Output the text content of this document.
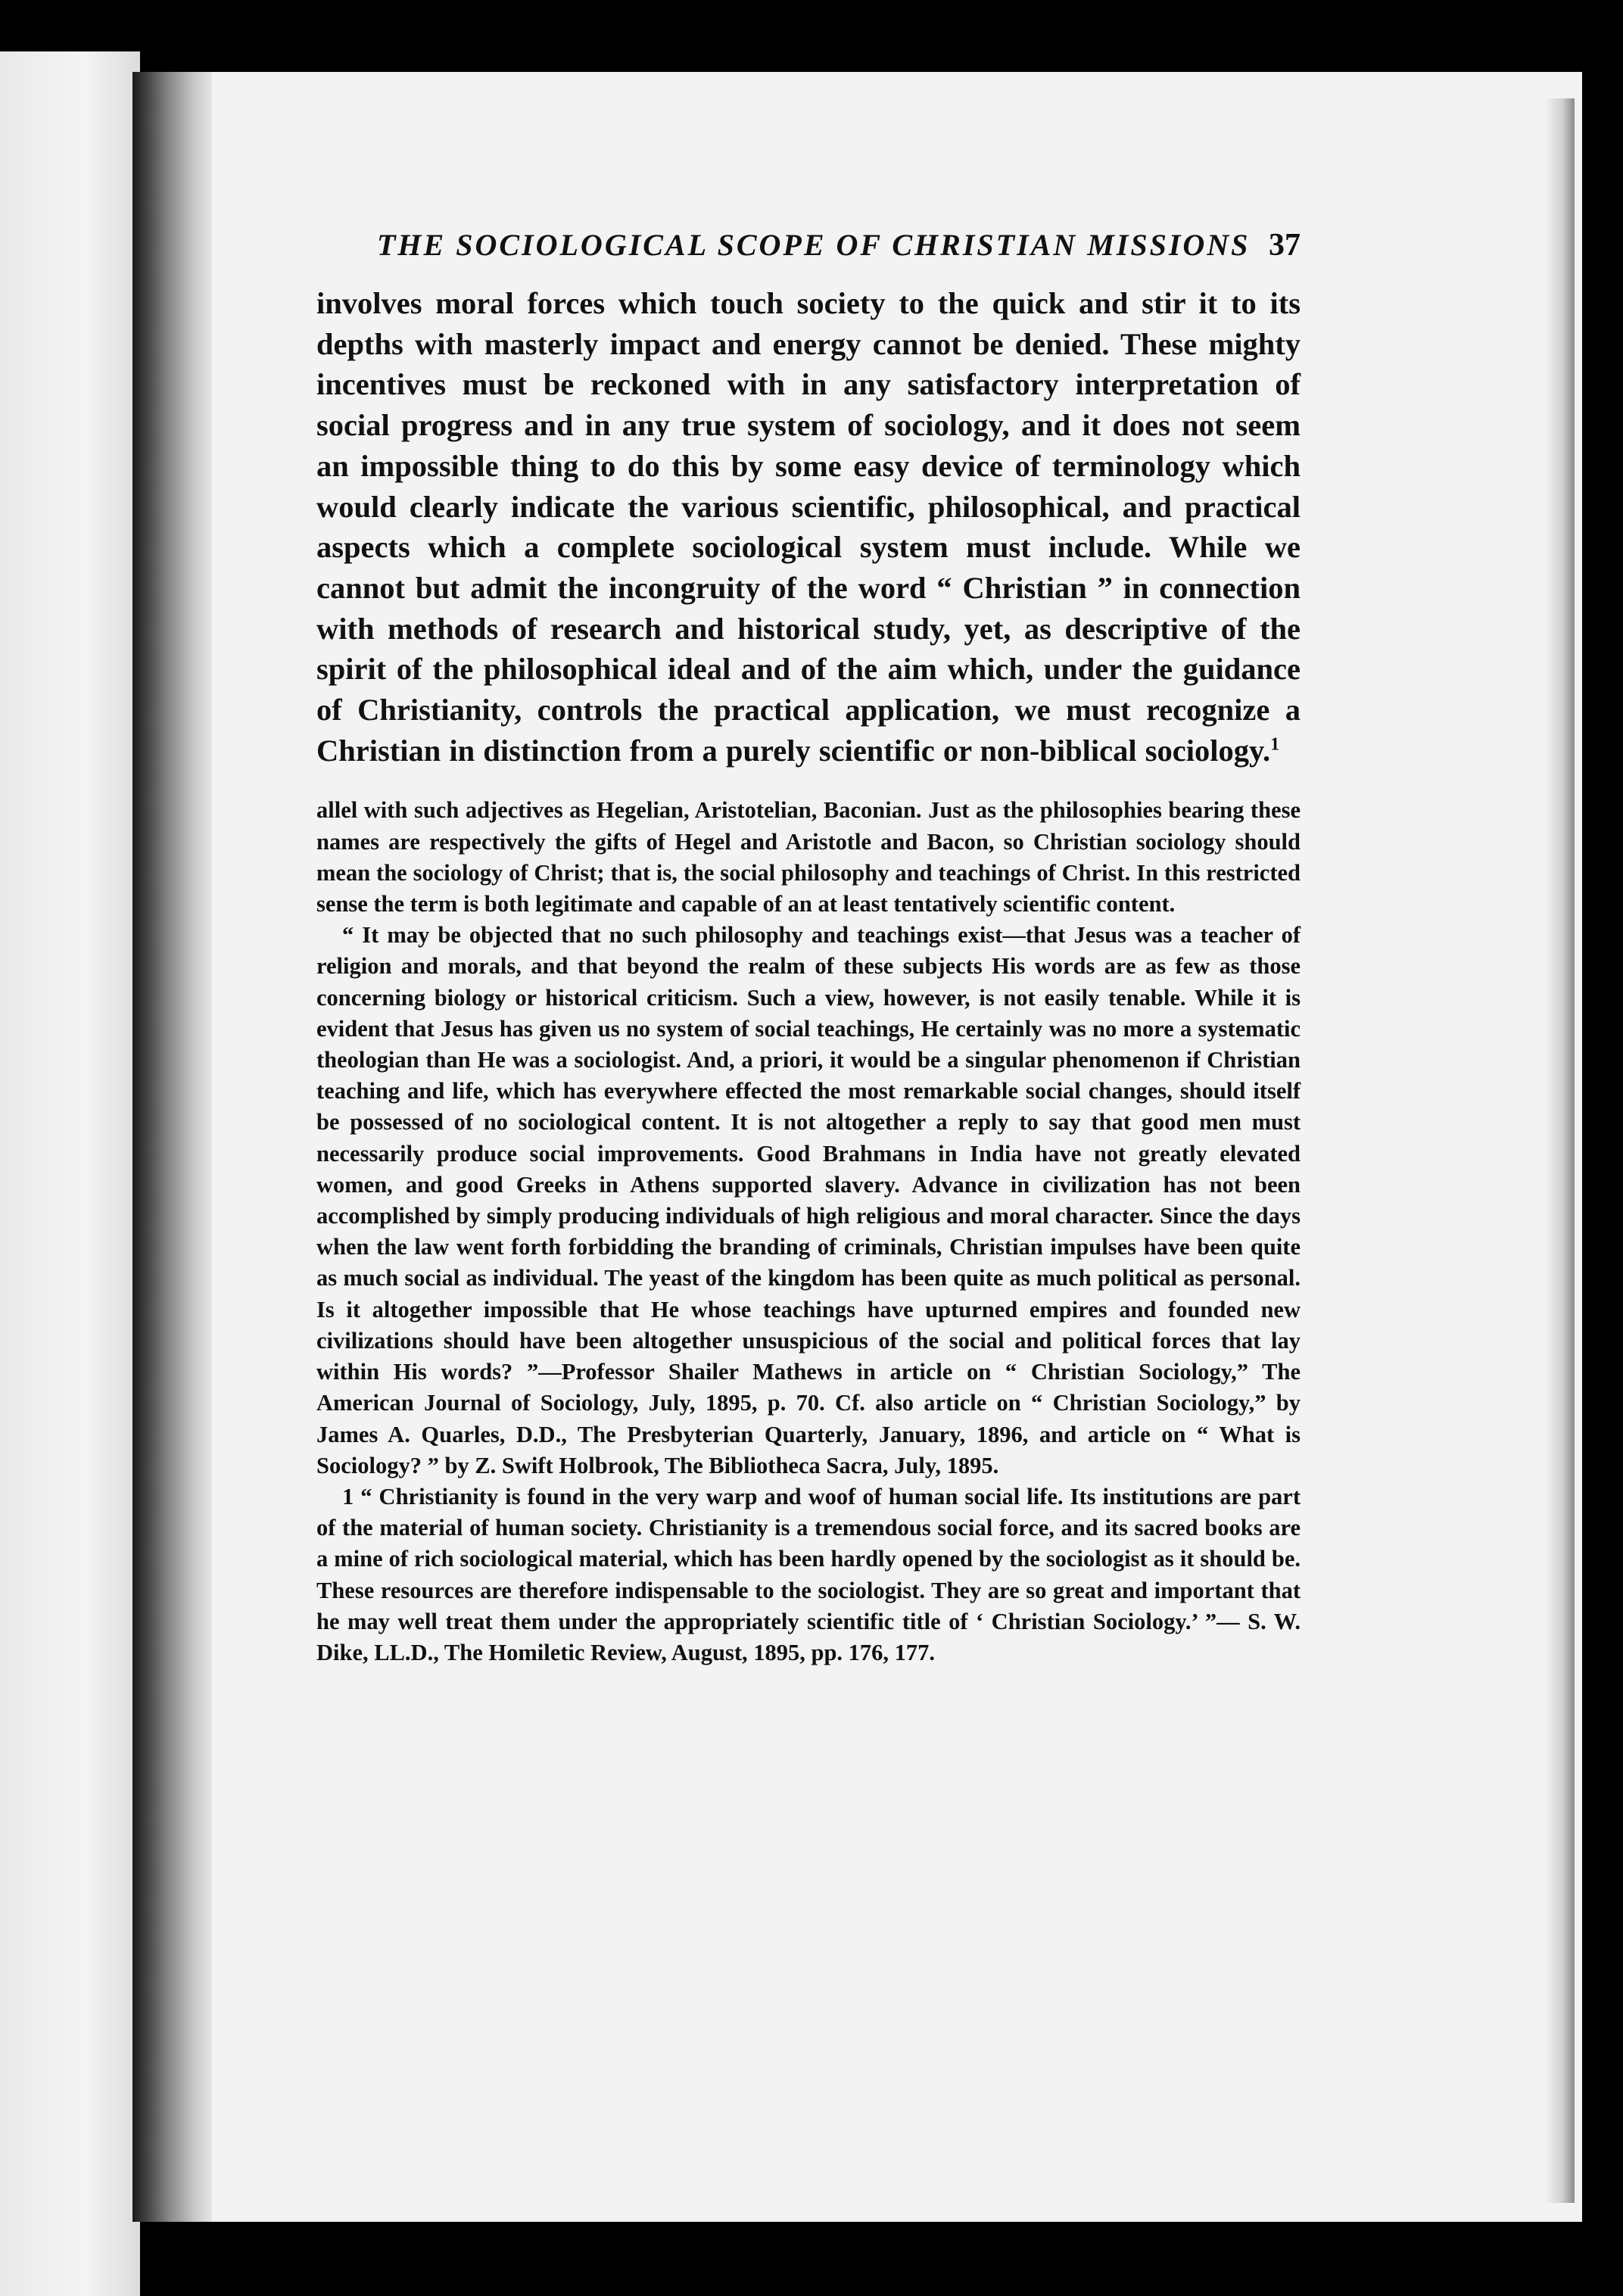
THE SOCIOLOGICAL SCOPE OF CHRISTIAN MISSIONS 37

involves moral forces which touch society to the quick and stir it to its depths with masterly impact and energy cannot be denied. These mighty incentives must be reckoned with in any satisfactory interpretation of social progress and in any true system of sociology, and it does not seem an impossible thing to do this by some easy device of terminology which would clearly indicate the various scientific, philosophical, and practical aspects which a complete sociological system must include. While we cannot but admit the incongruity of the word “ Christian ” in connection with methods of research and historical study, yet, as descriptive of the spirit of the philosophical ideal and of the aim which, under the guidance of Christianity, controls the practical application, we must recognize a Christian in distinction from a purely scientific or non-biblical sociology.$^1$

allel with such adjectives as Hegelian, Aristotelian, Baconian. Just as the philosophies bearing these names are respectively the gifts of Hegel and Aristotle and Bacon, so Christian sociology should mean the sociology of Christ; that is, the social philosophy and teachings of Christ. In this restricted sense the term is both legitimate and capable of an at least tentatively scientific content.

“ It may be objected that no such philosophy and teachings exist—that Jesus was a teacher of religion and morals, and that beyond the realm of these subjects His words are as few as those concerning biology or historical criticism. Such a view, however, is not easily tenable. While it is evident that Jesus has given us no system of social teachings, He certainly was no more a systematic theologian than He was a sociologist. And, a priori, it would be a singular phenomenon if Christian teaching and life, which has everywhere effected the most remarkable social changes, should itself be possessed of no sociological content. It is not altogether a reply to say that good men must necessarily produce social improvements. Good Brahmans in India have not greatly elevated women, and good Greeks in Athens supported slavery. Advance in civilization has not been accomplished by simply producing individuals of high religious and moral character. Since the days when the law went forth forbidding the branding of criminals, Christian impulses have been quite as much social as individual. The yeast of the kingdom has been quite as much political as personal. Is it altogether impossible that He whose teachings have upturned empires and founded new civilizations should have been altogether unsuspicious of the social and political forces that lay within His words? ”—Professor Shailer Mathews in article on “ Christian Sociology,” The American Journal of Sociology, July, 1895, p. 70. Cf. also article on “ Christian Sociology,” by James A. Quarles, D.D., The Presbyterian Quarterly, January, 1896, and article on “ What is Sociology? ” by Z. Swift Holbrook, The Bibliotheca Sacra, July, 1895.

1 “ Christianity is found in the very warp and woof of human social life. Its institutions are part of the material of human society. Christianity is a tremendous social force, and its sacred books are a mine of rich sociological material, which has been hardly opened by the sociologist as it should be. These resources are therefore indispensable to the sociologist. They are so great and important that he may well treat them under the appropriately scientific title of ‘ Christian Sociology.’ ”— S. W. Dike, LL.D., The Homiletic Review, August, 1895, pp. 176, 177.
